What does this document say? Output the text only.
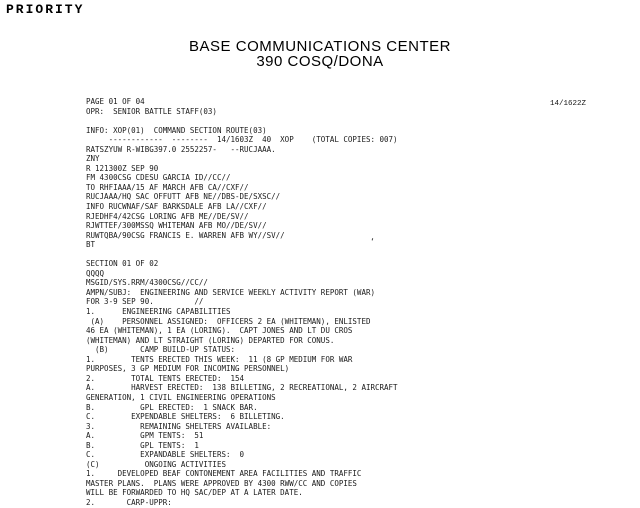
PRIORITY
BASE COMMUNICATIONS CENTER
390 COSQ/DONA
14/1622Z
PAGE 01 OF 04
OPR:  SENIOR BATTLE STAFF(03)
INFO: XOP(01)  COMMAND SECTION ROUTE(03)
------------  --------  14/1603Z  40  XOP    (TOTAL COPIES: 007)
RATSZYUW R-WIBG397.0 2552257-   --RUCJAAA.
ZNY
R 121300Z SEP 90
FM 4300CSG CDESU GARCIA ID//CC//
TO RHFIAAA/15 AF MARCH AFB CA//CXF//
RUCJAAA/HQ SAC OFFUTT AFB NE//DBS-DE/SXSC//
INFO RUCWNAF/SAF BARKSDALE AFB LA//CXF//
RJEDHF4/42CSG LORING AFB ME//DE/SV//
RJWTTEF/300MSSQ WHITEMAN AFB MO//DE/SV//
RUWTQBA/90CSG FRANCIS E. WARREN AFB WY//SV//
BT
SECTION 01 OF 02
QQQQ
MSGID/SYS.RRM/4300CSG//CC//
AMPN/SUBJ:  ENGINEERING AND SERVICE WEEKLY ACTIVITY REPORT (WAR)
FOR 3-9 SEP 90.         //
1.      ENGINEERING CAPABILITIES
(A)    PERSONNEL ASSIGNED:  OFFICERS 2 EA (WHITEMAN), ENLISTED
46 EA (WHITEMAN), 1 EA (LORING).  CAPT JONES AND LT DU CROS
(WHITEMAN) AND LT STRAIGHT (LORING) DEPARTED FOR CONUS.
(B)       CAMP BUILD-UP STATUS:
1.        TENTS ERECTED THIS WEEK:  11 (8 GP MEDIUM FOR WAR
PURPOSES, 3 GP MEDIUM FOR INCOMING PERSONNEL)
2.        TOTAL TENTS ERECTED:  154
A.        HARVEST ERECTED:  138 BILLETING, 2 RECREATIONAL, 2 AIRCRAFT
GENERATION, 1 CIVIL ENGINEERING OPERATIONS
B.          GPL ERECTED:  1 SNACK BAR.
C.        EXPENDABLE SHELTERS:  6 BILLETING.
3.          REMAINING SHELTERS AVAILABLE:
A.          GPM TENTS:  51
B.          GPL TENTS:  1
C.          EXPANDABLE SHELTERS:  0
(C)          ONGOING ACTIVITIES
1.     DEVELOPED BEAF CONTONEMENT AREA FACILITIES AND TRAFFIC
MASTER PLANS.  PLANS WERE APPROVED BY 4300 RWW/CC AND COPIES
WILL BE FORWARDED TO HQ SAC/DEP AT A LATER DATE.
2.       CARP-UPPR:
‘
